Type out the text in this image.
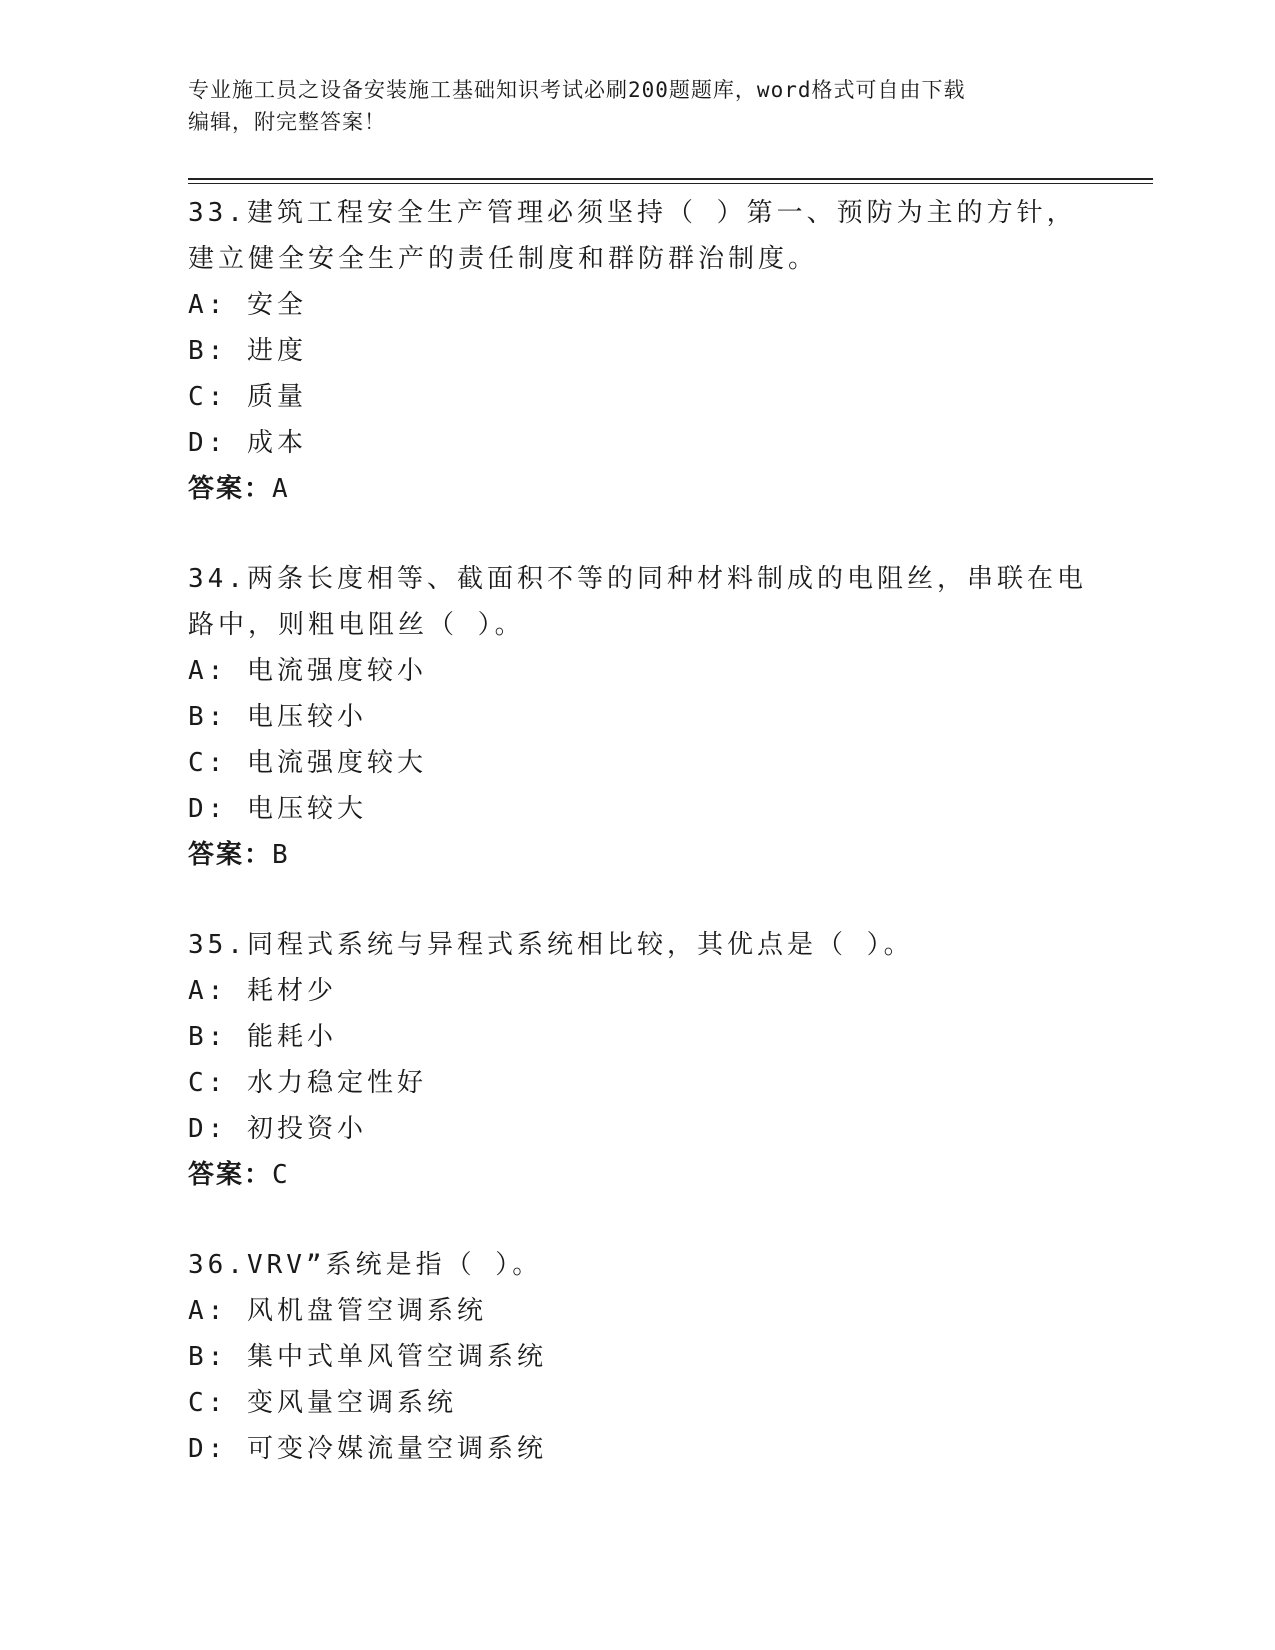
专业施工员之设备安装施工基础知识考试必刷200题题库，word格式可自由下载
编辑，附完整答案！

33.建筑工程安全生产管理必须坚持（ ）第一、预防为主的方针，建立健全安全生产的责任制度和群防群治制度。

A: 安全
B: 进度
C: 质量
D: 成本
答案：A

34.两条长度相等、截面积不等的同种材料制成的电阻丝，串联在电路中，则粗电阻丝（ ）。

A: 电流强度较小
B: 电压较小
C: 电流强度较大
D: 电压较大
答案：B

35.同程式系统与异程式系统相比较，其优点是（ ）。

A: 耗材少
B: 能耗小
C: 水力稳定性好
D: 初投资小
答案：C

36.VRV”系统是指（ ）。

A: 风机盘管空调系统
B: 集中式单风管空调系统
C: 变风量空调系统
D: 可变冷媒流量空调系统
